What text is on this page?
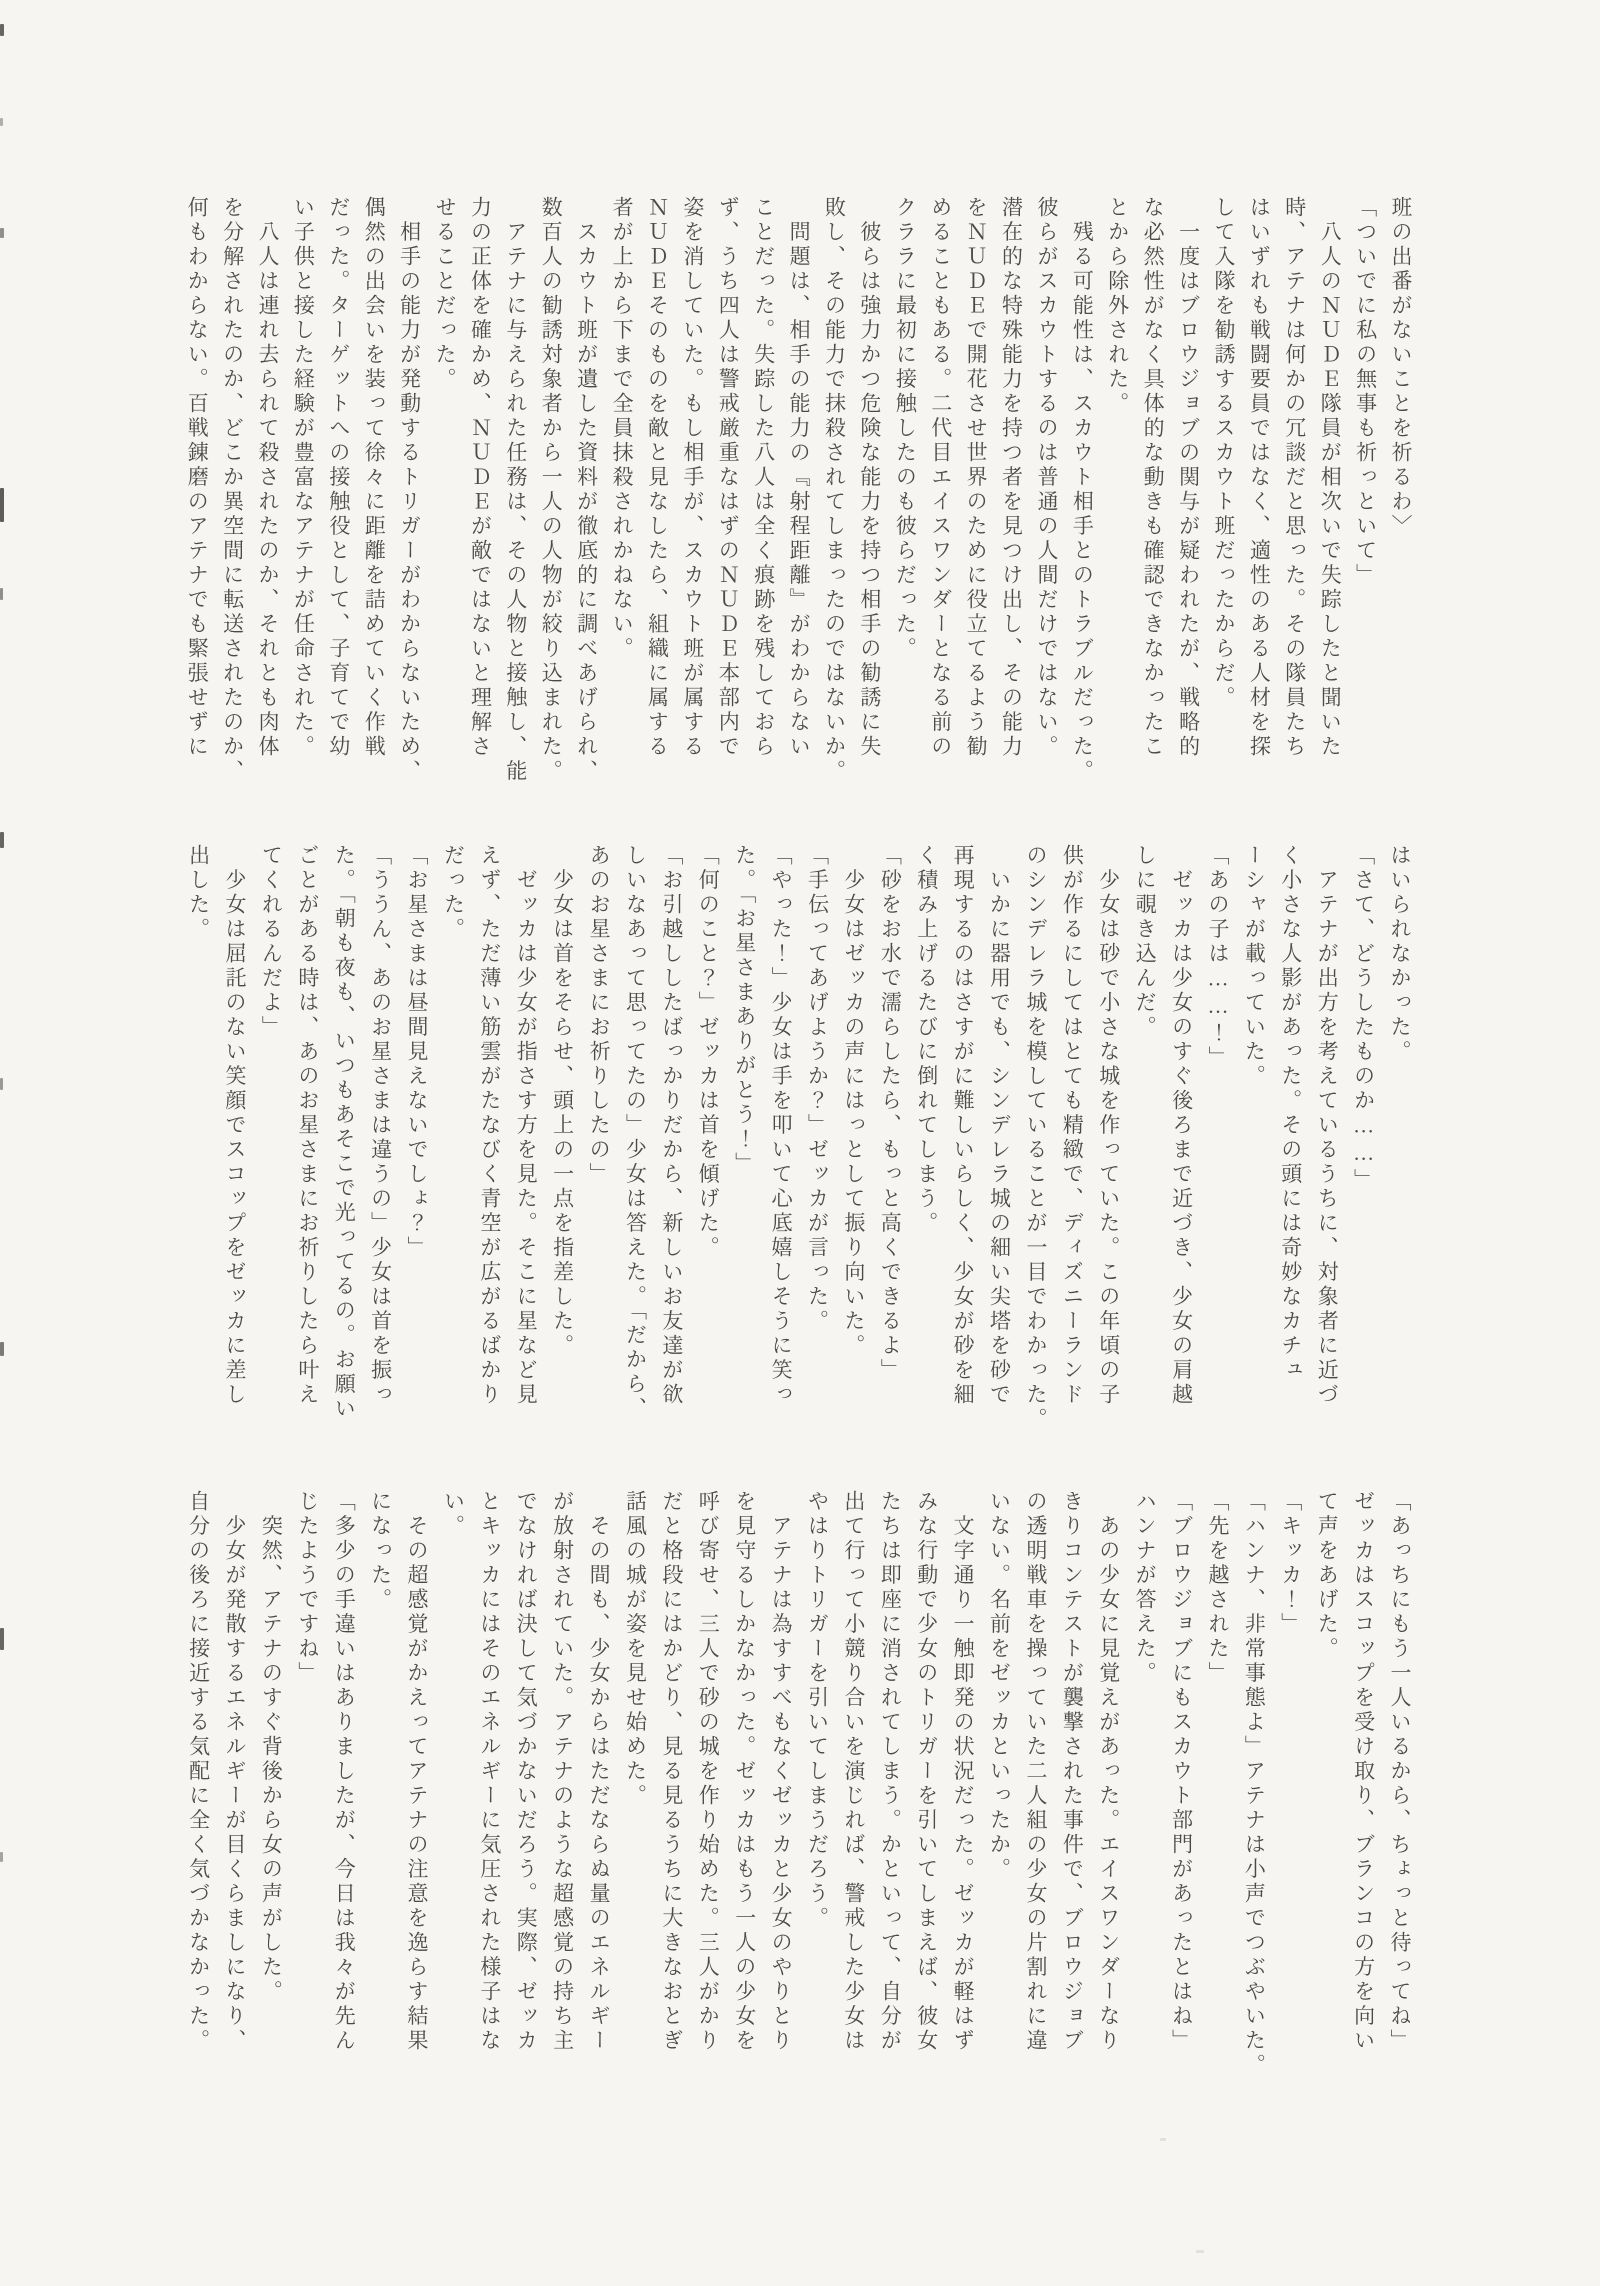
班の出番がないことを祈るわ〉

「ついでに私の無事も祈っといて」

　八人のＮＵＤＥ隊員が相次いで失踪したと聞いた

時、アテナは何かの冗談だと思った。その隊員たち

はいずれも戦闘要員ではなく、適性のある人材を探

して入隊を勧誘するスカウト班だったからだ。

　一度はブロウジョブの関与が疑われたが、戦略的

な必然性がなく具体的な動きも確認できなかったこ

とから除外された。

　残る可能性は、スカウト相手とのトラブルだった。

彼らがスカウトするのは普通の人間だけではない。

潜在的な特殊能力を持つ者を見つけ出し、その能力

をＮＵＤＥで開花させ世界のために役立てるよう勧

めることもある。二代目エイスワンダーとなる前の

クララに最初に接触したのも彼らだった。

　彼らは強力かつ危険な能力を持つ相手の勧誘に失

敗し、その能力で抹殺されてしまったのではないか。

　問題は、相手の能力の『射程距離』がわからない

ことだった。失踪した八人は全く痕跡を残しておら

ず、うち四人は警戒厳重なはずのＮＵＤＥ本部内で

姿を消していた。もし相手が、スカウト班が属する

ＮＵＤＥそのものを敵と見なしたら、組織に属する

者が上から下まで全員抹殺されかねない。

　スカウト班が遺した資料が徹底的に調べあげられ、

数百人の勧誘対象者から一人の人物が絞り込まれた。

　アテナに与えられた任務は、その人物と接触し、能

力の正体を確かめ、ＮＵＤＥが敵ではないと理解さ

せることだった。

　相手の能力が発動するトリガーがわからないため、

偶然の出会いを装って徐々に距離を詰めていく作戦

だった。ターゲットへの接触役として、子育てで幼

い子供と接した経験が豊富なアテナが任命された。

　八人は連れ去られて殺されたのか、それとも肉体

を分解されたのか、どこか異空間に転送されたのか、

何もわからない。百戦錬磨のアテナでも緊張せずに

はいられなかった。

「さて、どうしたものか……」

　アテナが出方を考えているうちに、対象者に近づ

く小さな人影があった。その頭には奇妙なカチュ

ーシャが載っていた。

「あの子は……！」

　ゼッカは少女のすぐ後ろまで近づき、少女の肩越

しに覗き込んだ。

　少女は砂で小さな城を作っていた。この年頃の子

供が作るにしてはとても精緻で、ディズニーランド

のシンデレラ城を模していることが一目でわかった。

　いかに器用でも、シンデレラ城の細い尖塔を砂で

再現するのはさすがに難しいらしく、少女が砂を細

く積み上げるたびに倒れてしまう。

「砂をお水で濡らしたら、もっと高くできるよ」

　少女はゼッカの声にはっとして振り向いた。

「手伝ってあげようか？」ゼッカが言った。

「やった！」少女は手を叩いて心底嬉しそうに笑っ

た。「お星さまありがとう！」

「何のこと？」ゼッカは首を傾げた。

「お引越ししたばっかりだから、新しいお友達が欲

しいなあって思ってたの」少女は答えた。「だから、

あのお星さまにお祈りしたの」

　少女は首をそらせ、頭上の一点を指差した。

　ゼッカは少女が指さす方を見た。そこに星など見

えず、ただ薄い筋雲がたなびく青空が広がるばかり

だった。

「お星さまは昼間見えないでしょ？」

「ううん、あのお星さまは違うの」少女は首を振っ

た。「朝も夜も、いつもあそこで光ってるの。お願い

ごとがある時は、あのお星さまにお祈りしたら叶え

てくれるんだよ」

　少女は屈託のない笑顔でスコップをゼッカに差し

出した。

「あっちにもう一人いるから、ちょっと待ってね」

ゼッカはスコップを受け取り、ブランコの方を向い

て声をあげた。

「キッカ！」

「ハンナ、非常事態よ」アテナは小声でつぶやいた。

「先を越された」

「ブロウジョブにもスカウト部門があったとはね」

ハンナが答えた。

　あの少女に見覚えがあった。エイスワンダーなり

きりコンテストが襲撃された事件で、ブロウジョブ

の透明戦車を操っていた二人組の少女の片割れに違

いない。名前をゼッカといったか。

　文字通り一触即発の状況だった。ゼッカが軽はず

みな行動で少女のトリガーを引いてしまえば、彼女

たちは即座に消されてしまう。かといって、自分が

出て行って小競り合いを演じれば、警戒した少女は

やはりトリガーを引いてしまうだろう。

　アテナは為すすべもなくゼッカと少女のやりとり

を見守るしかなかった。ゼッカはもう一人の少女を

呼び寄せ、三人で砂の城を作り始めた。三人がかり

だと格段にはかどり、見る見るうちに大きなおとぎ

話風の城が姿を見せ始めた。

　その間も、少女からはただならぬ量のエネルギー

が放射されていた。アテナのような超感覚の持ち主

でなければ決して気づかないだろう。実際、ゼッカ

とキッカにはそのエネルギーに気圧された様子はな

い。

　その超感覚がかえってアテナの注意を逸らす結果

になった。

「多少の手違いはありましたが、今日は我々が先ん

じたようですね」

　突然、アテナのすぐ背後から女の声がした。

　少女が発散するエネルギーが目くらましになり、

自分の後ろに接近する気配に全く気づかなかった。
